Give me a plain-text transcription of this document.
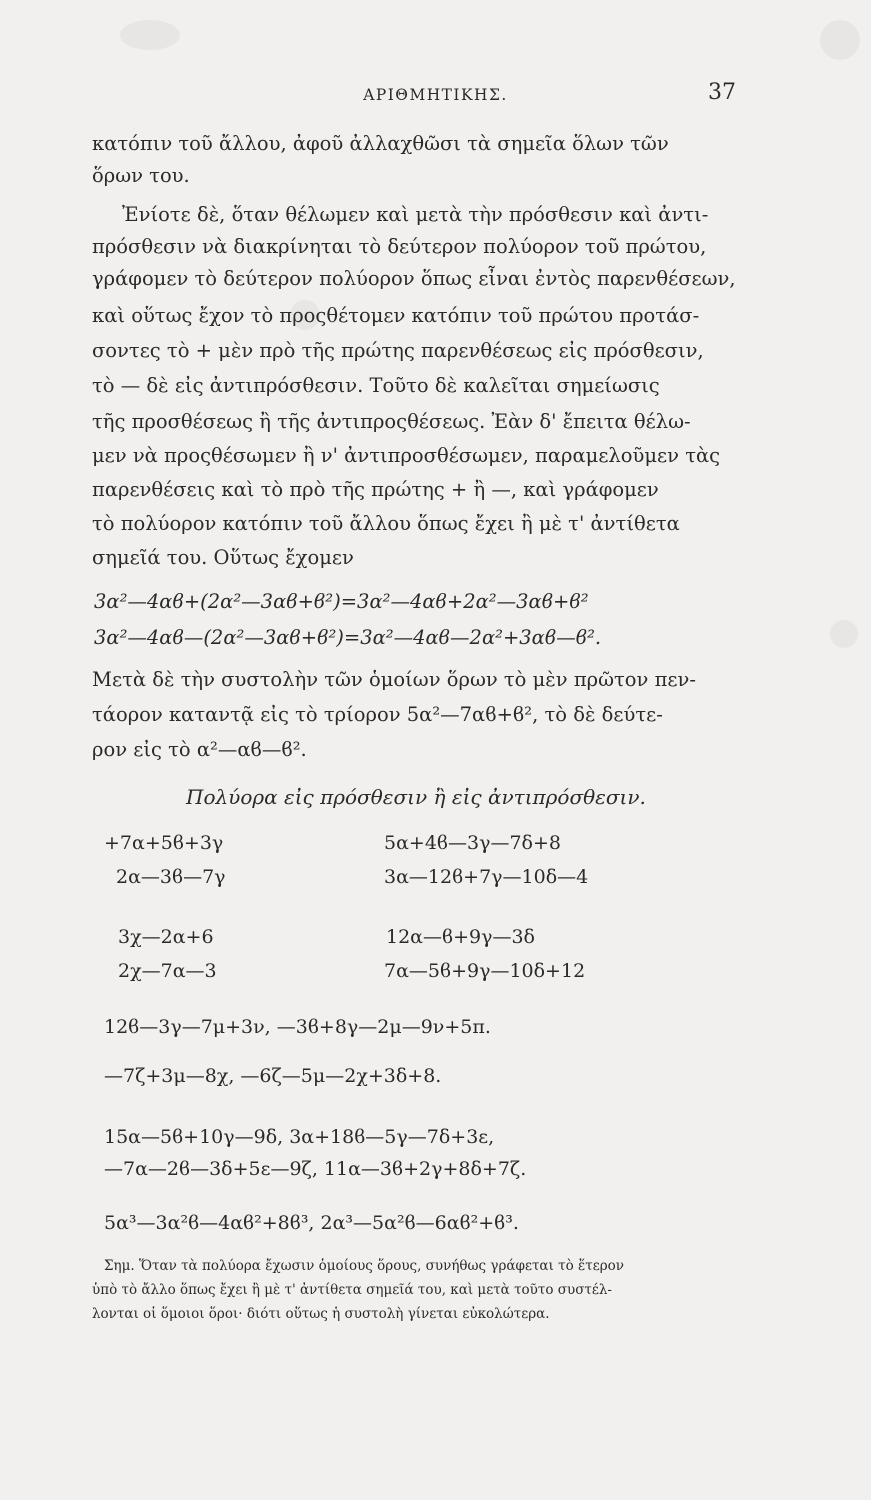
ΑΡΙΘΜΗΤΙΚΗΣ.	37
κατόπιν τοῦ ἄλλου, ἀφοῦ ἀλλαχθῶσι τὰ σημεῖα ὅλων τῶν
ὅρων του.
Ἐνίοτε δὲ, ὅταν θέλωμεν καὶ μετὰ τὴν πρόσθεσιν καὶ ἀντι-
πρόσθεσιν νὰ διακρίνηται τὸ δεύτερον πολύορον τοῦ πρώτου,
γράφομεν τὸ δεύτερον πολύορον ὅπως εἶναι ἐντὸς παρενθέσεων,
καὶ οὕτως ἔχον τὸ προςθέτομεν κατόπιν τοῦ πρώτου προτάσ-
σοντες τὸ + μὲν πρὸ τῆς πρώτης παρενθέσεως εἰς πρόσθεσιν,
τὸ — δὲ εἰς ἀντιπρόσθεσιν. Τοῦτο δὲ καλεῖται σημείωσις
τῆς προσθέσεως ἢ τῆς ἀντιπροςθέσεως. Ἐὰν δ' ἔπειτα θέλω-
μεν νὰ προςθέσωμεν ἢ ν' ἀντιπροσθέσωμεν, παραμελοῦμεν τὰς
παρενθέσεις καὶ τὸ πρὸ τῆς πρώτης + ἢ —, καὶ γράφομεν
τὸ πολύορον κατόπιν τοῦ ἄλλου ὅπως ἔχει ἢ μὲ τ' ἀντίθετα
σημεῖά του. Οὕτως ἔχομεν
3α²—4αϐ+(2α²—3αϐ+ϐ²)=3α²—4αϐ+2α²—3αϐ+ϐ²
3α²—4αϐ—(2α²—3αϐ+ϐ²)=3α²—4αϐ—2α²+3αϐ—ϐ².
Μετὰ δὲ τὴν συστολὴν τῶν ὁμοίων ὅρων τὸ μὲν πρῶτον πεν-
τάορον καταντᾷ εἰς τὸ τρίορον 5α²—7αϐ+ϐ², τὸ δὲ δεύτε-
ρον εἰς τὸ α²—αϐ—ϐ².
Πολύορα εἰς πρόσθεσιν ἢ εἰς ἀντιπρόσθεσιν.
+7α+5ϐ+3γ	5α+4ϐ—3γ—7δ+8
2α—3ϐ—7γ	3α—12ϐ+7γ—10δ—4
3χ—2α+6	12α—ϐ+9γ—3δ
2χ—7α—3	7α—5ϐ+9γ—10δ+12
12ϐ—3γ—7μ+3ν, —3ϐ+8γ—2μ—9ν+5π.
—7ζ+3μ—8χ, —6ζ—5μ—2χ+3δ+8.
15α—5ϐ+10γ—9δ, 3α+18ϐ—5γ—7δ+3ε,
—7α—2ϐ—3δ+5ε—9ζ, 11α—3ϐ+2γ+8δ+7ζ.
5α³—3α²ϐ—4αϐ²+8ϐ³, 2α³—5α²ϐ—6αϐ²+ϐ³.
Σημ. Ὅταν τὰ πολύορα ἔχωσιν ὁμοίους ὅρους, συνήθως γράφεται τὸ ἕτερον
ὑπὸ τὸ ἄλλο ὅπως ἔχει ἢ μὲ τ' ἀντίθετα σημεῖά του, καὶ μετὰ τοῦτο συστέλ-
λονται οἱ ὅμοιοι ὅροι· διότι οὕτως ἡ συστολὴ γίνεται εὐκολώτερα.
